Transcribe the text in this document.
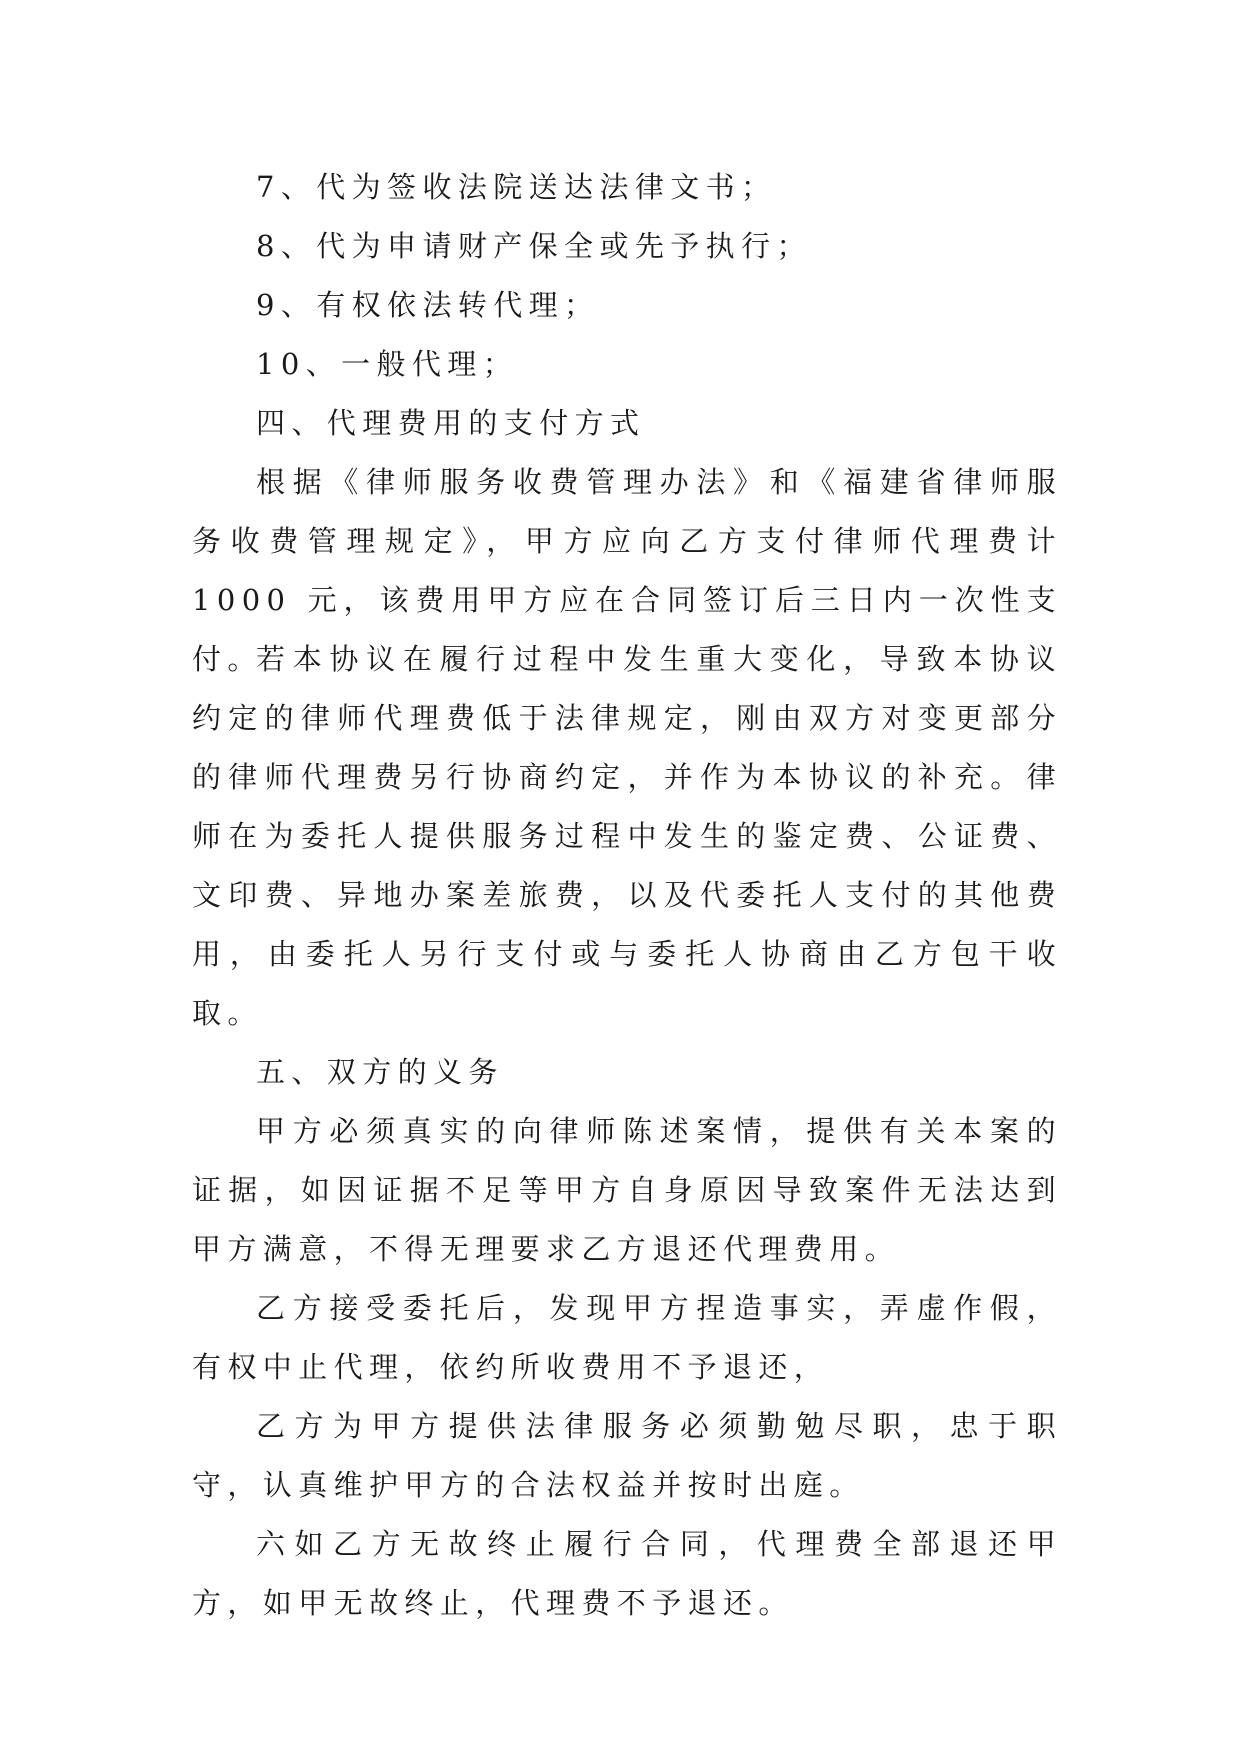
7、代为签收法院送达法律文书；

8、代为申请财产保全或先予执行；

9、有权依法转代理；

10、一般代理；

四、代理费用的支付方式

根据《律师服务收费管理办法》和《福建省律师服务收费管理规定》，甲方应向乙方支付律师代理费计 1000 元，该费用甲方应在合同签订后三日内一次性支付。

若本协议在履行过程中发生重大变化，导致本协议约定的律师代理费低于法律规定，刚由双方对变更部分的律师代理费另行协商约定，并作为本协议的补充。律师在为委托人提供服务过程中发生的鉴定费、公证费、文印费、异地办案差旅费，以及代委托人支付的其他费用，由委托人另行支付或与委托人协商由乙方包干收取。

五、双方的义务

甲方必须真实的向律师陈述案情，提供有关本案的证据，如因证据不足等甲方自身原因导致案件无法达到甲方满意，不得无理要求乙方退还代理费用。

乙方接受委托后，发现甲方捏造事实，弄虚作假，有权中止代理，依约所收费用不予退还，

乙方为甲方提供法律服务必须勤勉尽职，忠于职守，认真维护甲方的合法权益并按时出庭。

六如乙方无故终止履行合同，代理费全部退还甲方，如甲无故终止，代理费不予退还。
